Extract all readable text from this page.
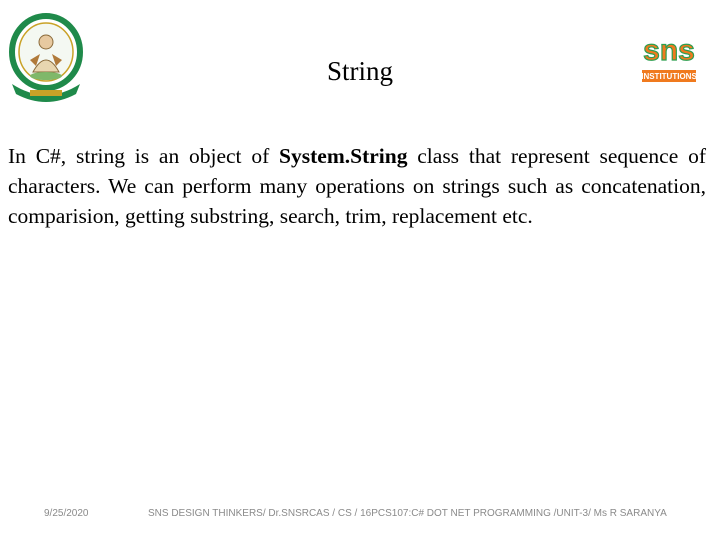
sns
INSTITUTIONS
String

In C#, string is an object of System.String class that represent sequence of characters. We can perform many operations on strings such as concatenation, comparision, getting substring, search, trim, replacement etc.

9/25/2020	SNS DESIGN THINKERS/ Dr.SNSRCAS / CS / 16PCS107:C# DOT NET PROGRAMMING /UNIT-3/ Ms R SARANYA
